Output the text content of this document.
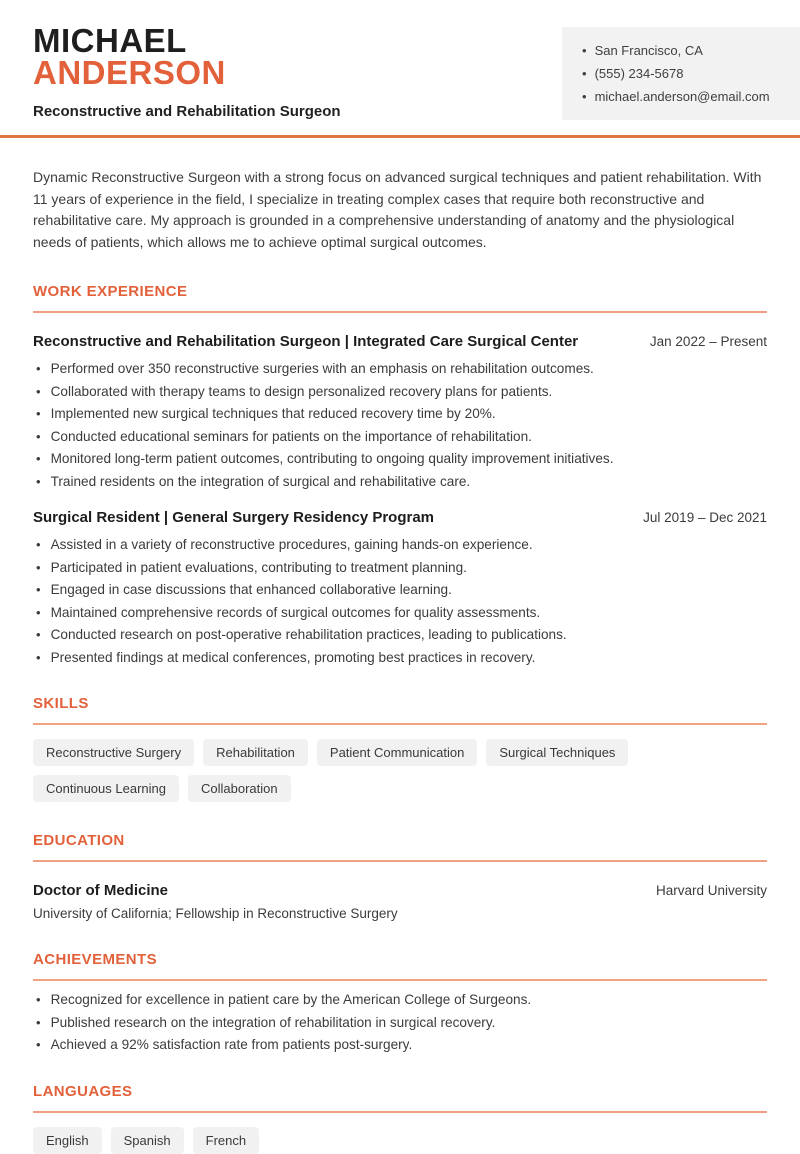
MICHAEL
ANDERSON
Reconstructive and Rehabilitation Surgeon
• San Francisco, CA
• (555) 234-5678
• michael.anderson@email.com

Dynamic Reconstructive Surgeon with a strong focus on advanced surgical techniques and patient rehabilitation. With 11 years of experience in the field, I specialize in treating complex cases that require both reconstructive and rehabilitative care. My approach is grounded in a comprehensive understanding of anatomy and the physiological needs of patients, which allows me to achieve optimal surgical outcomes.

WORK EXPERIENCE
Reconstructive and Rehabilitation Surgeon | Integrated Care Surgical Center	Jan 2022 – Present
• Performed over 350 reconstructive surgeries with an emphasis on rehabilitation outcomes.
• Collaborated with therapy teams to design personalized recovery plans for patients.
• Implemented new surgical techniques that reduced recovery time by 20%.
• Conducted educational seminars for patients on the importance of rehabilitation.
• Monitored long-term patient outcomes, contributing to ongoing quality improvement initiatives.
• Trained residents on the integration of surgical and rehabilitative care.
Surgical Resident | General Surgery Residency Program	Jul 2019 – Dec 2021
• Assisted in a variety of reconstructive procedures, gaining hands-on experience.
• Participated in patient evaluations, contributing to treatment planning.
• Engaged in case discussions that enhanced collaborative learning.
• Maintained comprehensive records of surgical outcomes for quality assessments.
• Conducted research on post-operative rehabilitation practices, leading to publications.
• Presented findings at medical conferences, promoting best practices in recovery.
SKILLS
Reconstructive Surgery	Rehabilitation	Patient Communication	Surgical Techniques
Continuous Learning	Collaboration
EDUCATION
Doctor of Medicine	Harvard University
University of California; Fellowship in Reconstructive Surgery
ACHIEVEMENTS
• Recognized for excellence in patient care by the American College of Surgeons.
• Published research on the integration of rehabilitation in surgical recovery.
• Achieved a 92% satisfaction rate from patients post-surgery.
LANGUAGES
English	Spanish	French
